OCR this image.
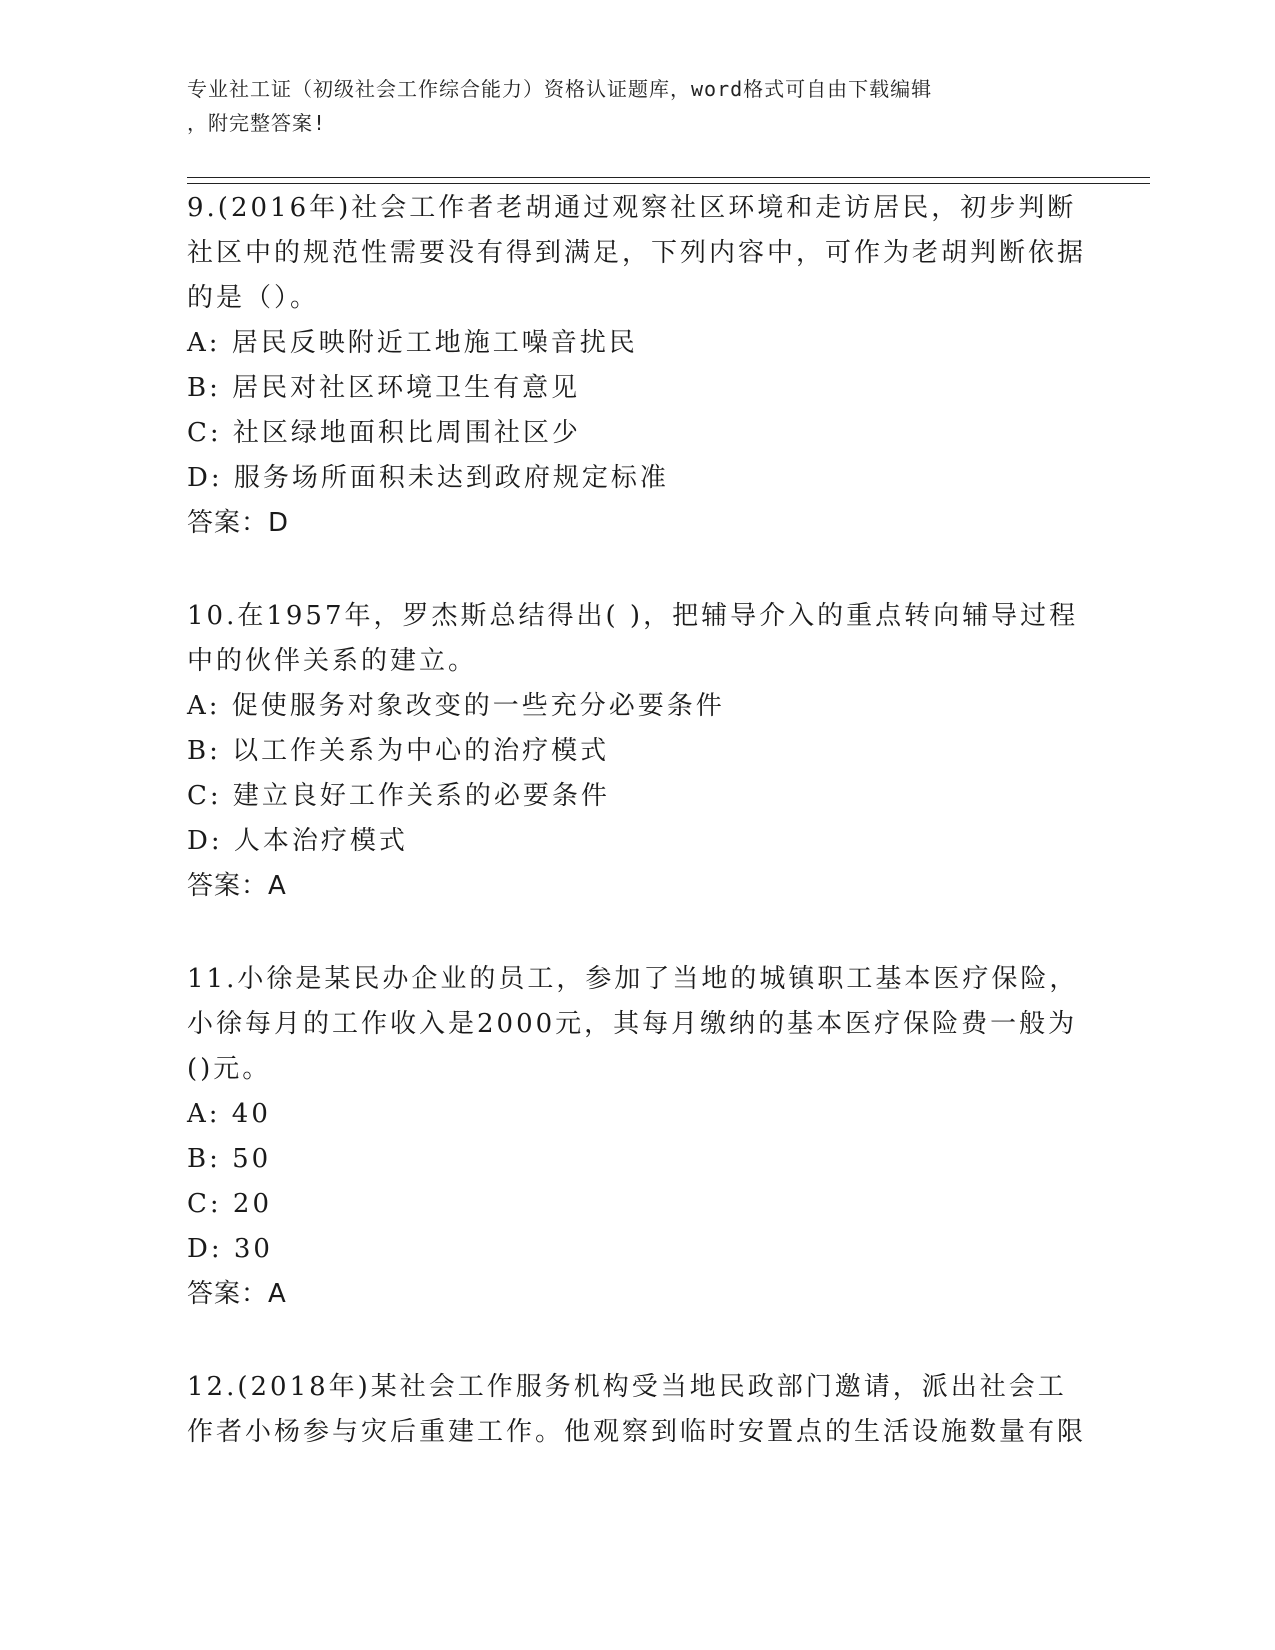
专业社工证（初级社会工作综合能力）资格认证题库，word格式可自由下载编辑
，附完整答案!

9.(2016年)社会工作者老胡通过观察社区环境和走访居民，初步判断社区中的规范性需要没有得到满足，下列内容中，可作为老胡判断依据的是（）。

A: 居民反映附近工地施工噪音扰民

B: 居民对社区环境卫生有意见

C: 社区绿地面积比周围社区少

D: 服务场所面积未达到政府规定标准

答案：D

10.在1957年，罗杰斯总结得出( )，把辅导介入的重点转向辅导过程中的伙伴关系的建立。

A: 促使服务对象改变的一些充分必要条件

B: 以工作关系为中心的治疗模式

C: 建立良好工作关系的必要条件

D: 人本治疗模式

答案：A

11.小徐是某民办企业的员工，参加了当地的城镇职工基本医疗保险，小徐每月的工作收入是2000元，其每月缴纳的基本医疗保险费一般为()元。

A: 40

B: 50

C: 20

D: 30

答案：A

12.(2018年)某社会工作服务机构受当地民政部门邀请，派出社会工作者小杨参与灾后重建工作。他观察到临时安置点的生活设施数量有限
